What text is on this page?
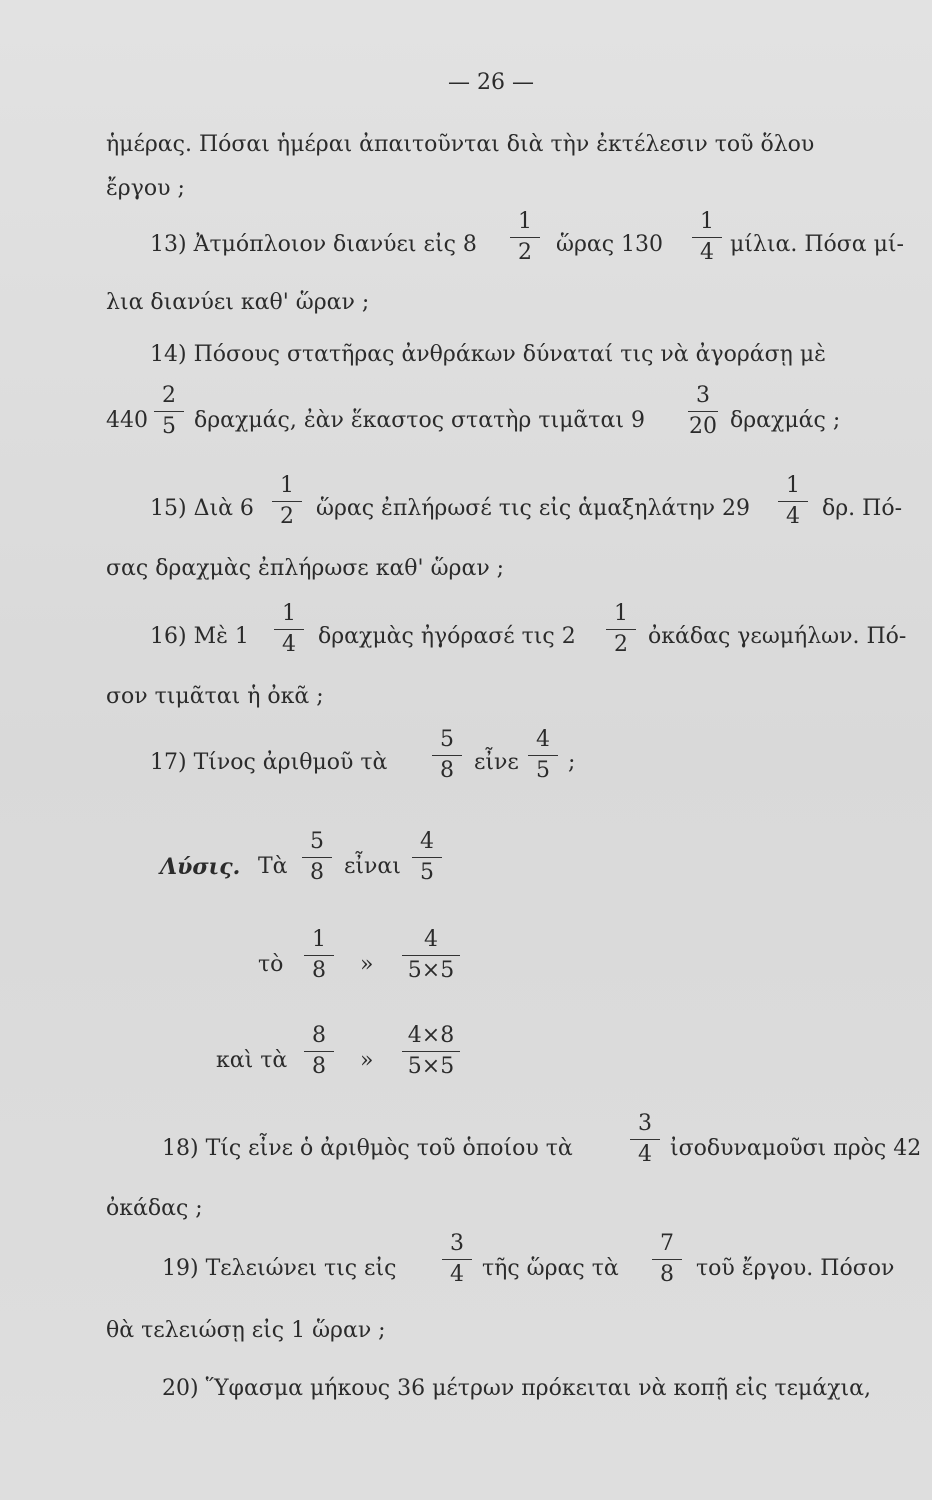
— 26 —
ἡμέρας. Πόσαι ἡμέραι ἀπαιτοῦνται διὰ τὴν ἐκτέλεσιν τοῦ ὅλου
ἔργου ;
13) Ἀτμόπλοιον διανύει εἰς 8
1
2	ὥρας 130
1
4 μίλια. Πόσα μί-
λια διανύει καθ' ὥραν ;
14) Πόσους στατῆρας ἀνθράκων δύναταί τις νὰ ἀγοράσῃ μὲ
440
2
5 δραχμάς, ἐὰν ἕκαστος στατὴρ τιμᾶται 9
3
20 δραχμάς ;
15) Διὰ 6
1
2	ὥρας ἐπλήρωσέ τις εἰς ἁμαξηλάτην 29
1
4	δρ. Πό-
σας δραχμὰς ἐπλήρωσε καθ' ὥραν ;
16) Μὲ 1
1
4	δραχμὰς ἠγόρασέ τις 2
1
2 ὀκάδας γεωμήλων. Πό-
σον τιμᾶται ἡ ὀκᾶ ;
17) Τίνος ἀριθμοῦ τὰ
5
8 εἶνε
4
5 ;
Λύσις. Τὰ
5
8 εἶναι
4
5
τὸ
1
8	»
4
5×5
καὶ τὰ
8
8	»
4×8
5×5
18) Τίς εἶνε ὁ ἀριθμὸς τοῦ ὁποίου τὰ
3
4 ἰσοδυναμοῦσι πρὸς 42
ὀκάδας ;
19) Τελειώνει τις εἰς
3
4 τῆς ὥρας τὰ
7
8	τοῦ ἔργου. Πόσον
θὰ τελειώσῃ εἰς 1 ὥραν ;
20) Ὕφασμα μήκους 36 μέτρων πρόκειται νὰ κοπῇ εἰς τεμάχια,
